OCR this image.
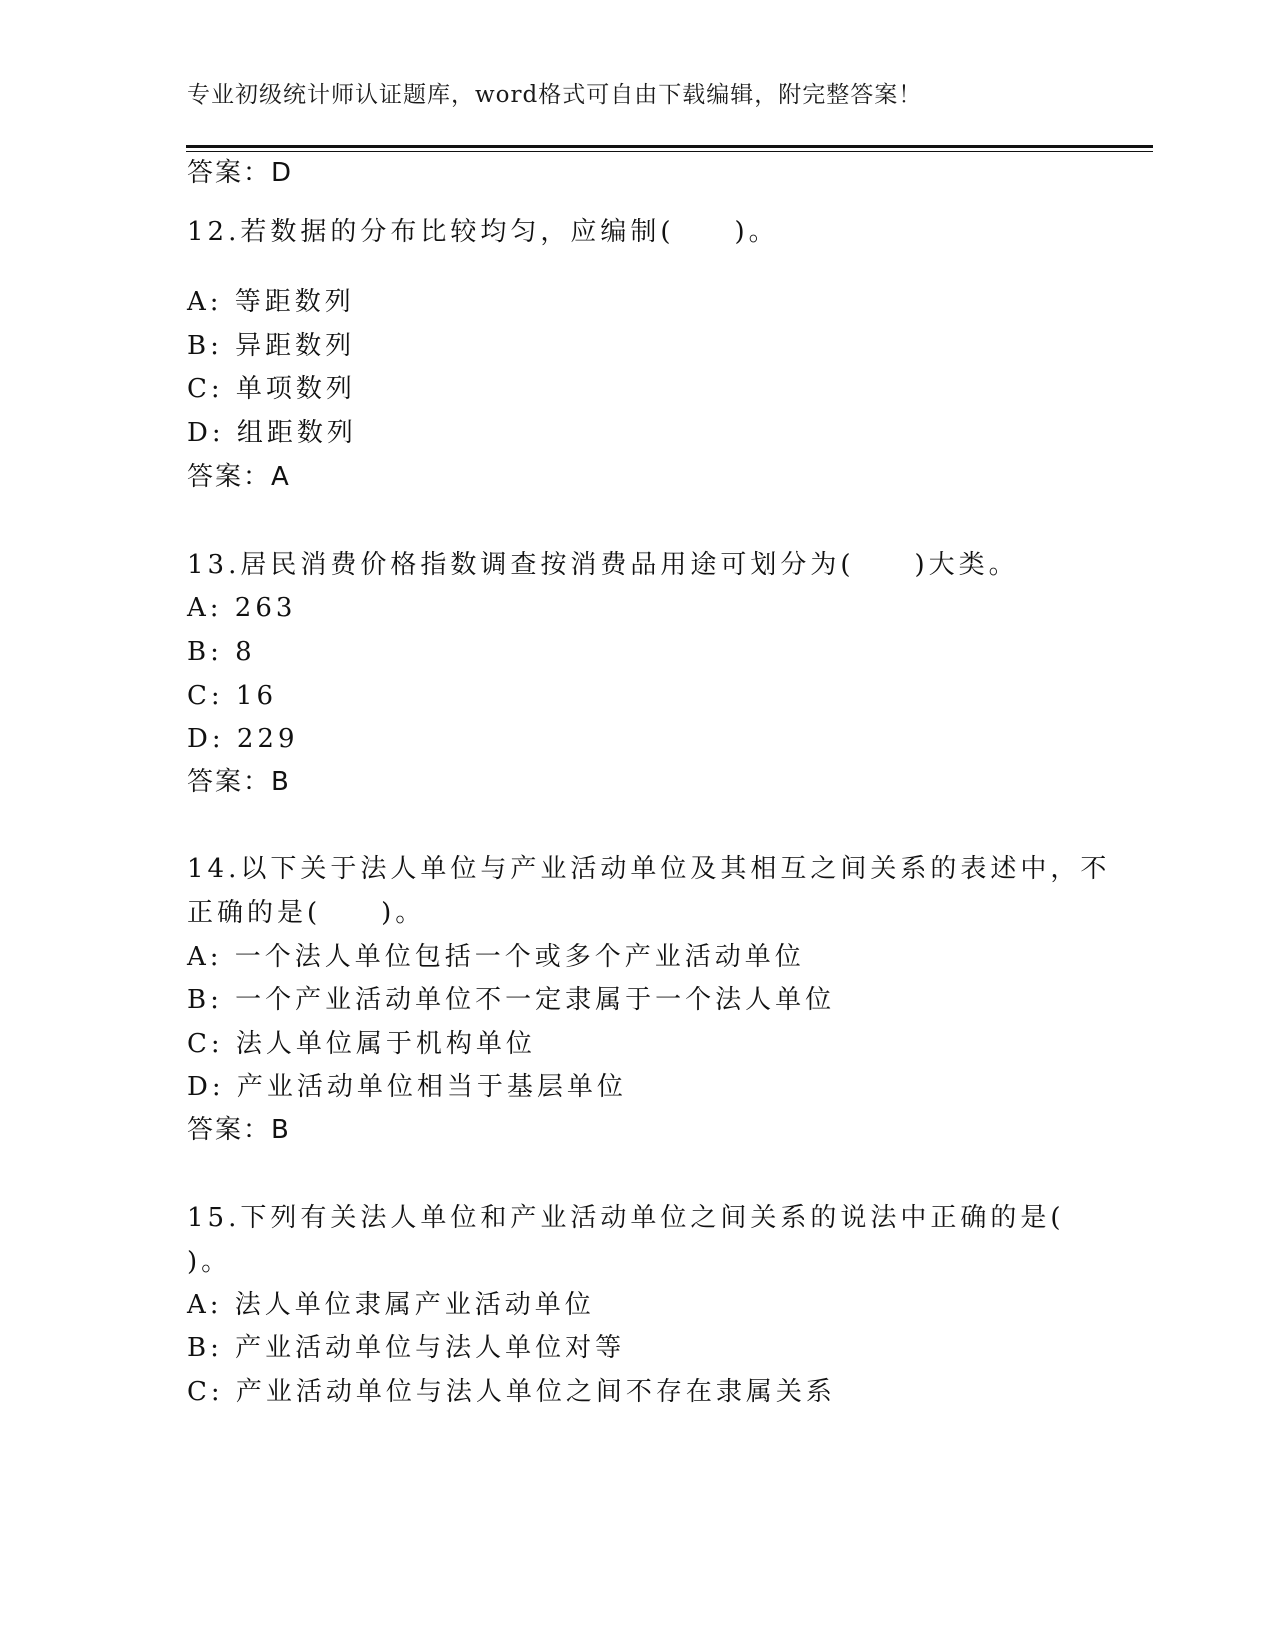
专业初级统计师认证题库，word格式可自由下载编辑，附完整答案！
答案：D
12.若数据的分布比较均匀，应编制(　　)。
A: 等距数列
B: 异距数列
C: 单项数列
D: 组距数列
答案：A
13.居民消费价格指数调查按消费品用途可划分为(　　)大类。
A: 263
B: 8
C: 16
D: 229
答案：B
14.以下关于法人单位与产业活动单位及其相互之间关系的表述中，不
正确的是(　　)。
A: 一个法人单位包括一个或多个产业活动单位
B: 一个产业活动单位不一定隶属于一个法人单位
C: 法人单位属于机构单位
D: 产业活动单位相当于基层单位
答案：B
15.下列有关法人单位和产业活动单位之间关系的说法中正确的是(
)。
A: 法人单位隶属产业活动单位
B: 产业活动单位与法人单位对等
C: 产业活动单位与法人单位之间不存在隶属关系
